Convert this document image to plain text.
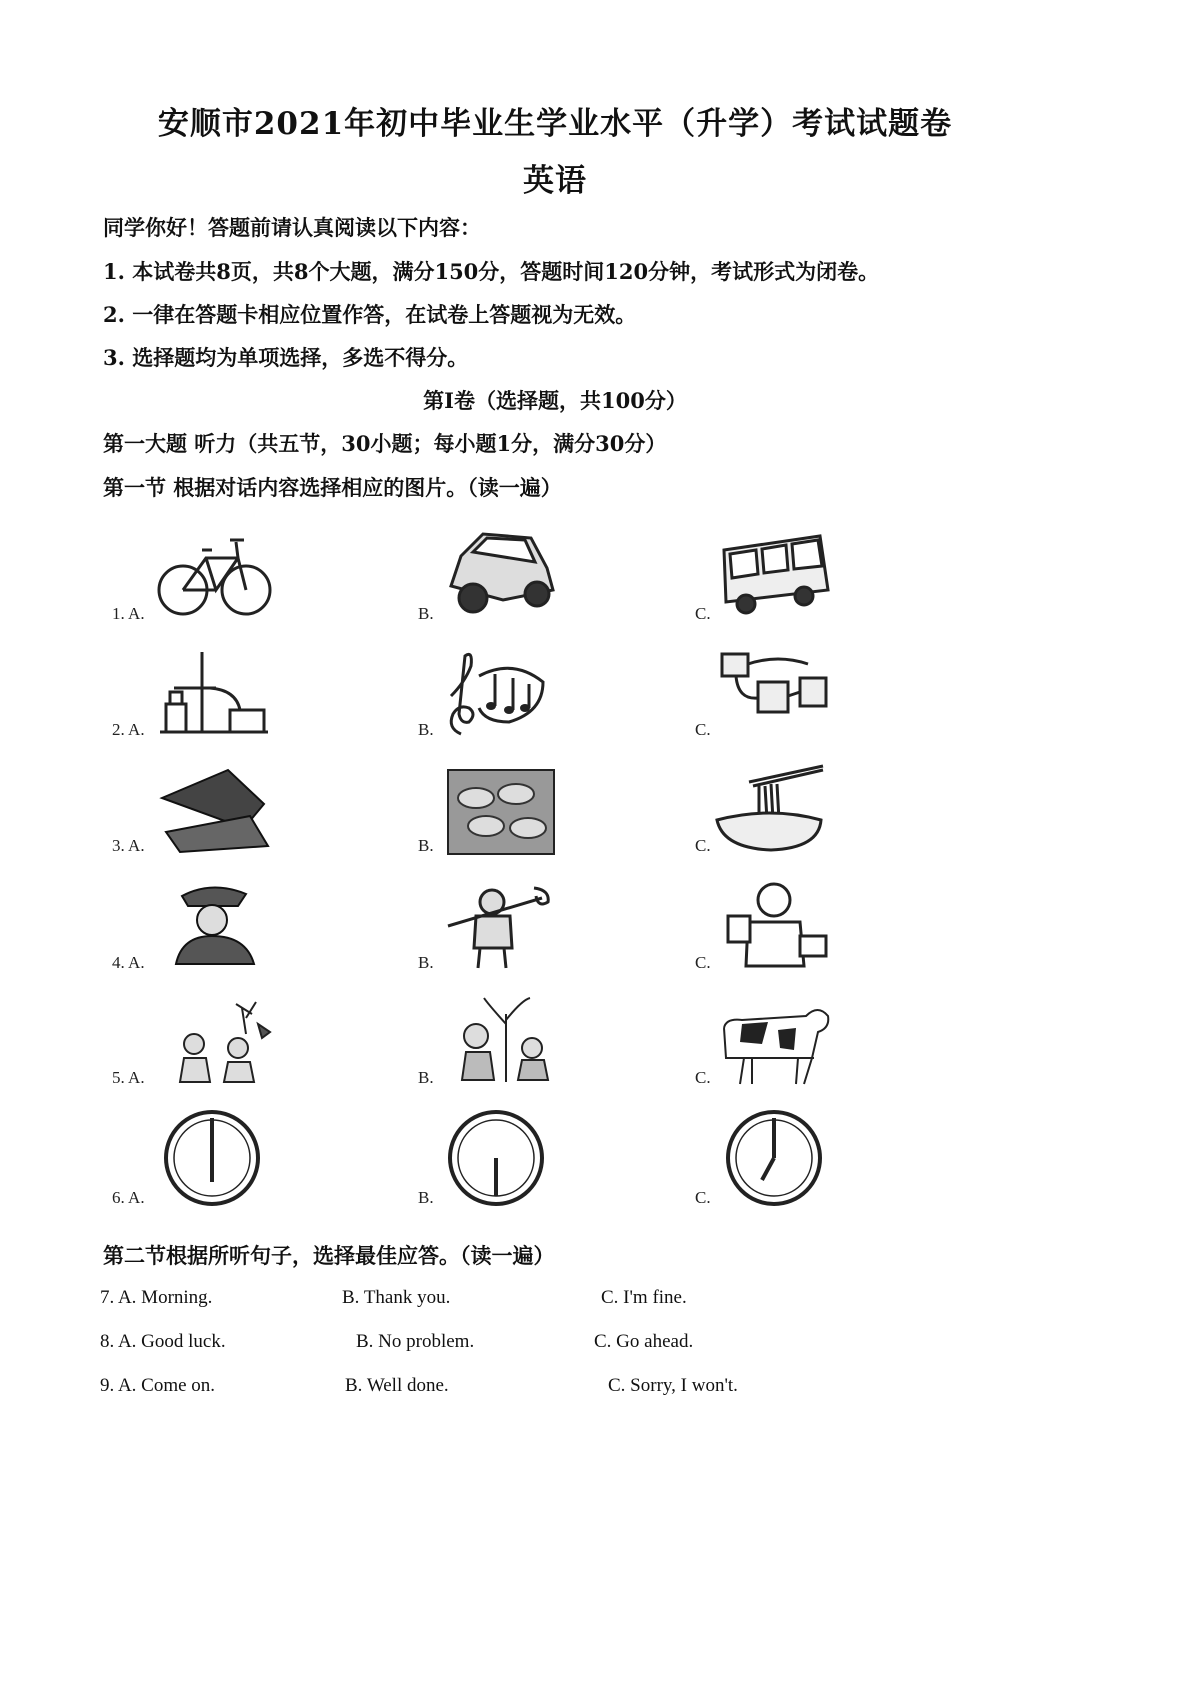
安顺市2021年初中毕业生学业水平（升学）考试试题卷
英语
同学你好！答题前请认真阅读以下内容：
1. 本试卷共8页，共8个大题，满分150分，答题时间120分钟，考试形式为闭卷。
2. 一律在答题卡相应位置作答，在试卷上答题视为无效。
3. 选择题均为单项选择，多选不得分。
第I卷（选择题，共100分）
第一大题 听力（共五节，30小题；每小题1分，满分30分）
第一节 根据对话内容选择相应的图片。（读一遍）
1. A.	B.	C.
2. A.	B.	C.
3. A.	B.	C.
4. A.	B.	C.
5. A.	B.	C.
6. A.	B.	C.
第二节根据所听句子，选择最佳应答。（读一遍）
7. A. Morning.	B. Thank you.	C. I'm fine.
8. A. Good luck.	B. No problem.	C. Go ahead.
9. A. Come on.	B. Well done.	C. Sorry, I won't.
